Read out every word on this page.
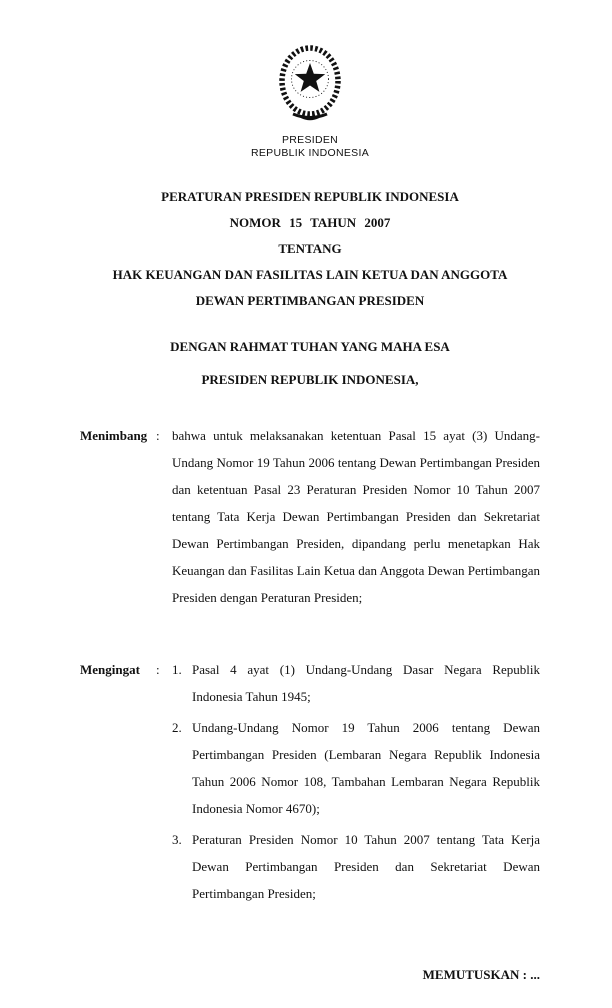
PRESIDEN
REPUBLIK INDONESIA
PERATURAN PRESIDEN REPUBLIK INDONESIA
NOMOR 15 TAHUN 2007
TENTANG
HAK KEUANGAN DAN FASILITAS LAIN KETUA DAN ANGGOTA
DEWAN PERTIMBANGAN PRESIDEN
DENGAN RAHMAT TUHAN YANG MAHA ESA
PRESIDEN REPUBLIK INDONESIA,
Menimbang : bahwa untuk melaksanakan ketentuan Pasal 15 ayat (3) Undang-Undang Nomor 19 Tahun 2006 tentang Dewan Pertimbangan Presiden dan ketentuan Pasal 23 Peraturan Presiden Nomor 10 Tahun 2007 tentang Tata Kerja Dewan Pertimbangan Presiden dan Sekretariat Dewan Pertimbangan Presiden, dipandang perlu menetapkan Hak Keuangan dan Fasilitas Lain Ketua dan Anggota Dewan Pertimbangan Presiden dengan Peraturan Presiden;
Mengingat	: 1. Pasal 4 ayat (1) Undang-Undang Dasar Negara Republik Indonesia Tahun 1945;
2. Undang-Undang Nomor 19 Tahun 2006 tentang Dewan Pertimbangan Presiden (Lembaran Negara Republik Indonesia Tahun 2006 Nomor 108, Tambahan Lembaran Negara Republik Indonesia Nomor 4670);
3. Peraturan Presiden Nomor 10 Tahun 2007 tentang Tata Kerja Dewan Pertimbangan Presiden dan Sekretariat Dewan Pertimbangan Presiden;
MEMUTUSKAN : ...
